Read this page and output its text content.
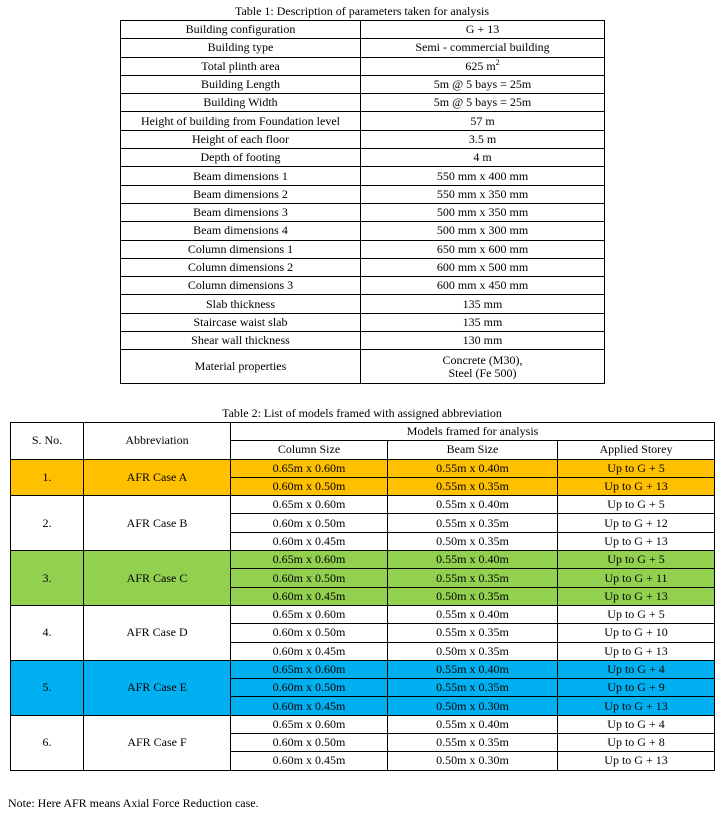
Table 1: Description of parameters taken for analysis
Building configuration	G + 13
Building type	Semi - commercial building
Total plinth area	625 $m^2$
Building Length	5m @ 5 bays = 25m
Building Width	5m @ 5 bays = 25m
Height of building from Foundation level	57 m
Height of each floor	3.5 m
Depth of footing	4 m
Beam dimensions 1	550 mm x 400 mm
Beam dimensions 2	550 mm x 350 mm
Beam dimensions 3	500 mm x 350 mm
Beam dimensions 4	500 mm x 300 mm
Column dimensions 1	650 mm x 600 mm
Column dimensions 2	600 mm x 500 mm
Column dimensions 3	600 mm x 450 mm
Slab thickness	135 mm
Staircase waist slab	135 mm
Shear wall thickness	130 mm
Material properties	Concrete (M30),
Steel (Fe 500)
Table 2: List of models framed with assigned abbreviation
S. No.	Abbreviation	Models framed for analysis		
		Column Size	Beam Size	Applied Storey
1.	AFR Case A	0.65m x 0.60m	0.55m x 0.40m	Up to G + 5
		0.60m x 0.50m	0.55m x 0.35m	Up to G + 13
2.	AFR Case B	0.65m x 0.60m	0.55m x 0.40m	Up to G + 5
		0.60m x 0.50m	0.55m x 0.35m	Up to G + 12
		0.60m x 0.45m	0.50m x 0.35m	Up to G + 13
3.	AFR Case C	0.65m x 0.60m	0.55m x 0.40m	Up to G + 5
		0.60m x 0.50m	0.55m x 0.35m	Up to G + 11
		0.60m x 0.45m	0.50m x 0.35m	Up to G + 13
4.	AFR Case D	0.65m x 0.60m	0.55m x 0.40m	Up to G + 5
		0.60m x 0.50m	0.55m x 0.35m	Up to G + 10
		0.60m x 0.45m	0.50m x 0.35m	Up to G + 13
5.	AFR Case E	0.65m x 0.60m	0.55m x 0.40m	Up to G + 4
		0.60m x 0.50m	0.55m x 0.35m	Up to G + 9
		0.60m x 0.45m	0.50m x 0.30m	Up to G + 13
6.	AFR Case F	0.65m x 0.60m	0.55m x 0.40m	Up to G + 4
		0.60m x 0.50m	0.55m x 0.35m	Up to G + 8
		0.60m x 0.45m	0.50m x 0.30m	Up to G + 13
Note: Here AFR means Axial Force Reduction case.
